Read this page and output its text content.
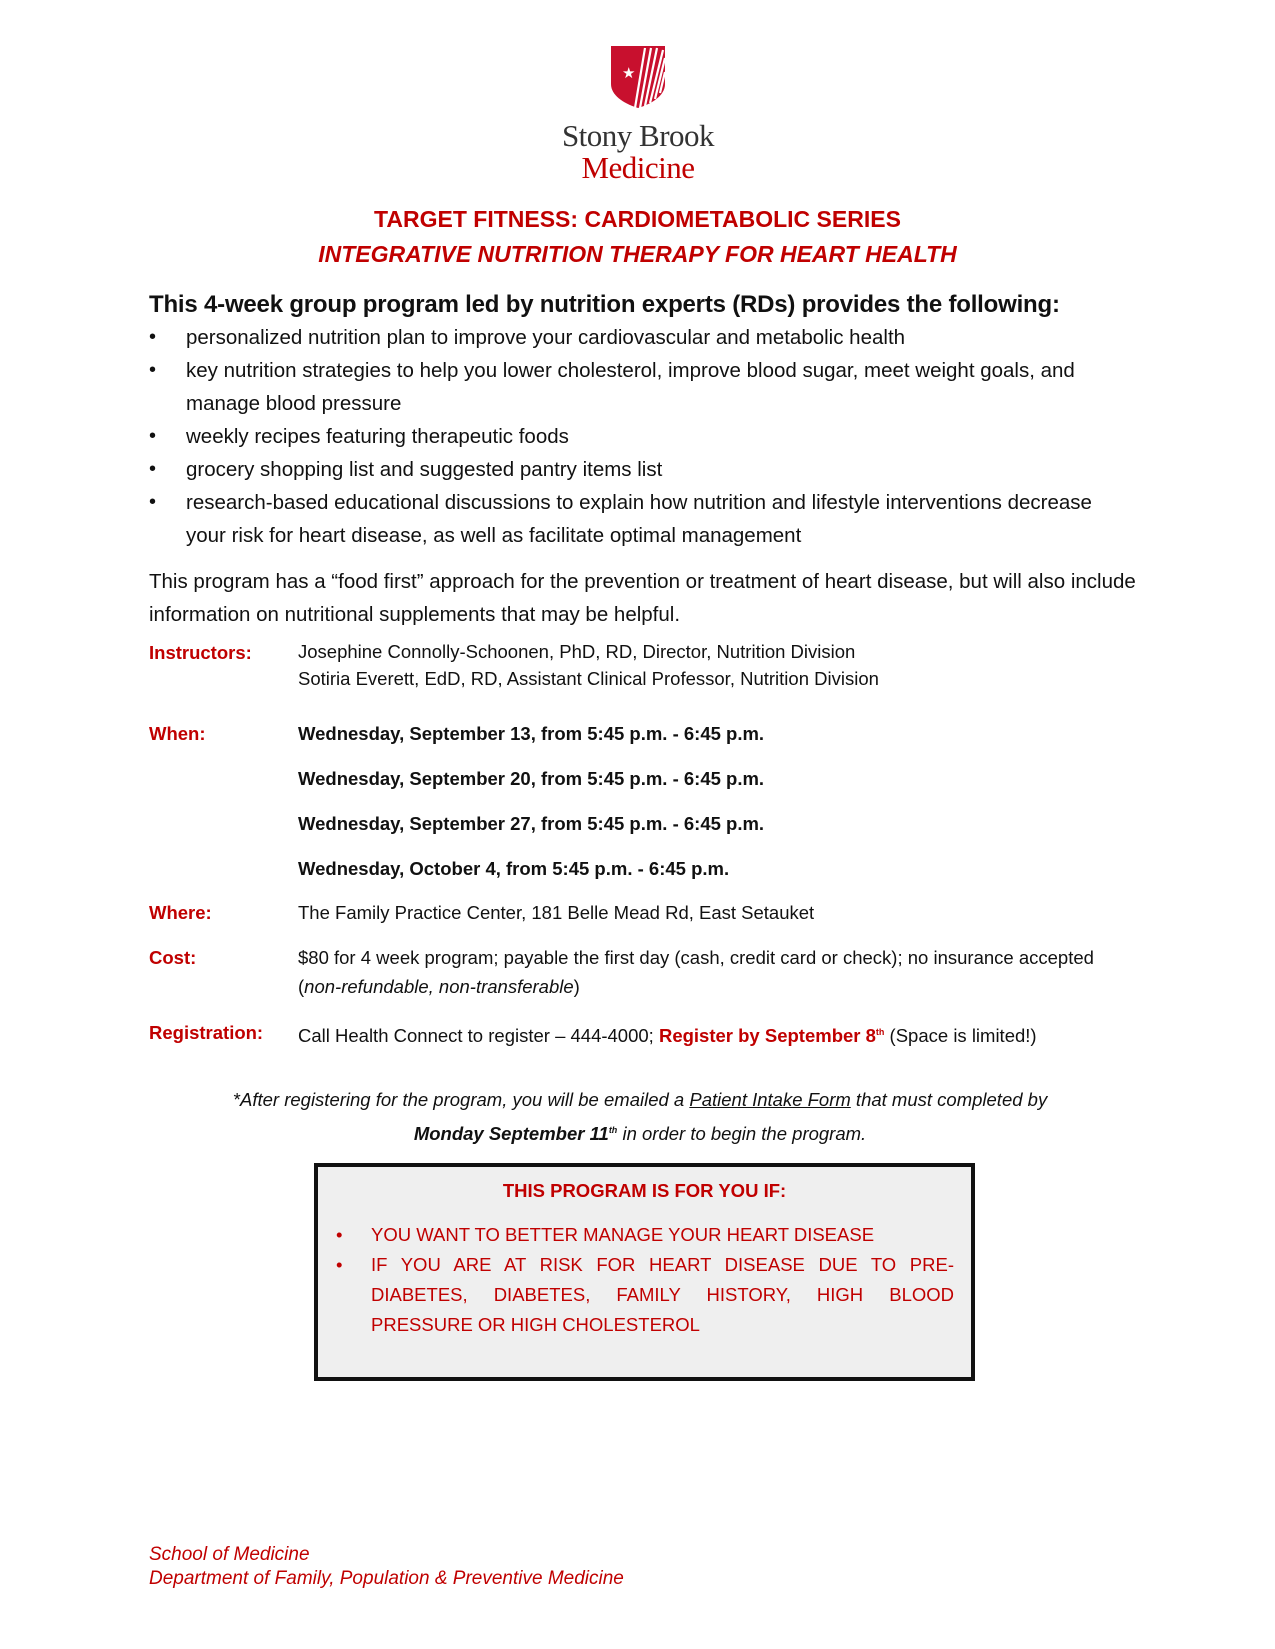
★
Stony Brook
Medicine
TARGET FITNESS: CARDIOMETABOLIC SERIES
INTEGRATIVE NUTRITION THERAPY FOR HEART HEALTH
This 4-week group program led by nutrition experts (RDs) provides the following:
• personalized nutrition plan to improve your cardiovascular and metabolic health
• key nutrition strategies to help you lower cholesterol, improve blood sugar, meet weight goals, and manage blood pressure
• weekly recipes featuring therapeutic foods
• grocery shopping list and suggested pantry items list
• research-based educational discussions to explain how nutrition and lifestyle interventions decrease your risk for heart disease, as well as facilitate optimal management
This program has a “food first” approach for the prevention or treatment of heart disease, but will also include information on nutritional supplements that may be helpful.
Instructors: Josephine Connolly-Schoonen, PhD, RD, Director, Nutrition Division
Sotiria Everett, EdD, RD, Assistant Clinical Professor, Nutrition Division
When:	Wednesday, September 13, from 5:45 p.m. - 6:45 p.m.
Wednesday, September 20, from 5:45 p.m. - 6:45 p.m.
Wednesday, September 27, from 5:45 p.m. - 6:45 p.m.
Wednesday, October 4, from 5:45 p.m. - 6:45 p.m.
Where:	The Family Practice Center, 181 Belle Mead Rd, East Setauket
Cost:	$80 for 4 week program; payable the first day (cash, credit card or check); no insurance accepted (non-refundable, non-transferable)
Registration: Call Health Connect to register – 444-4000; Register by September 8th (Space is limited!)
*After registering for the program, you will be emailed a Patient Intake Form that must completed by
Monday September 11th in order to begin the program.
THIS PROGRAM IS FOR YOU IF:
• YOU WANT TO BETTER MANAGE YOUR HEART DISEASE
• IF YOU ARE AT RISK FOR HEART DISEASE DUE TO PRE-DIABETES, DIABETES, FAMILY HISTORY, HIGH BLOOD PRESSURE OR HIGH CHOLESTEROL
School of Medicine
Department of Family, Population & Preventive Medicine
